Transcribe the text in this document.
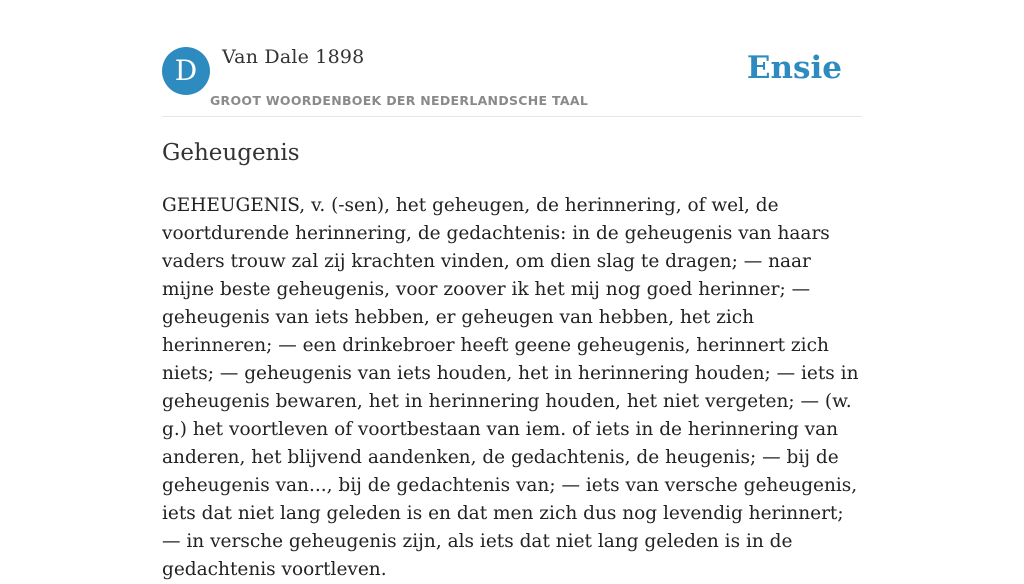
D	Van Dale 1898
GROOT WOORDENBOEK DER NEDERLANDSCHE TAAL
Ensie
Geheugenis

GEHEUGENIS, v. (-sen), het geheugen, de herinnering, of wel, de voortdurende herinnering, de gedachtenis: in de geheugenis van haars vaders trouw zal zij krachten vinden, om dien slag te dragen; — naar mijne beste geheugenis, voor zoover ik het mij nog goed herinner; — geheugenis van iets hebben, er geheugen van hebben, het zich herinneren; — een drinkebroer heeft geene geheugenis, herinnert zich niets; — geheugenis van iets houden, het in herinnering houden; — iets in geheugenis bewaren, het in herinnering houden, het niet vergeten; — (w. g.) het voortleven of voortbestaan van iem. of iets in de herinnering van anderen, het blijvend aandenken, de gedachtenis, de heugenis; — bij de geheugenis van..., bij de gedachtenis van; — iets van versche geheugenis, iets dat niet lang geleden is en dat men zich dus nog levendig herinnert; — in versche geheugenis zijn, als iets dat niet lang geleden is in de gedachtenis voortleven.
